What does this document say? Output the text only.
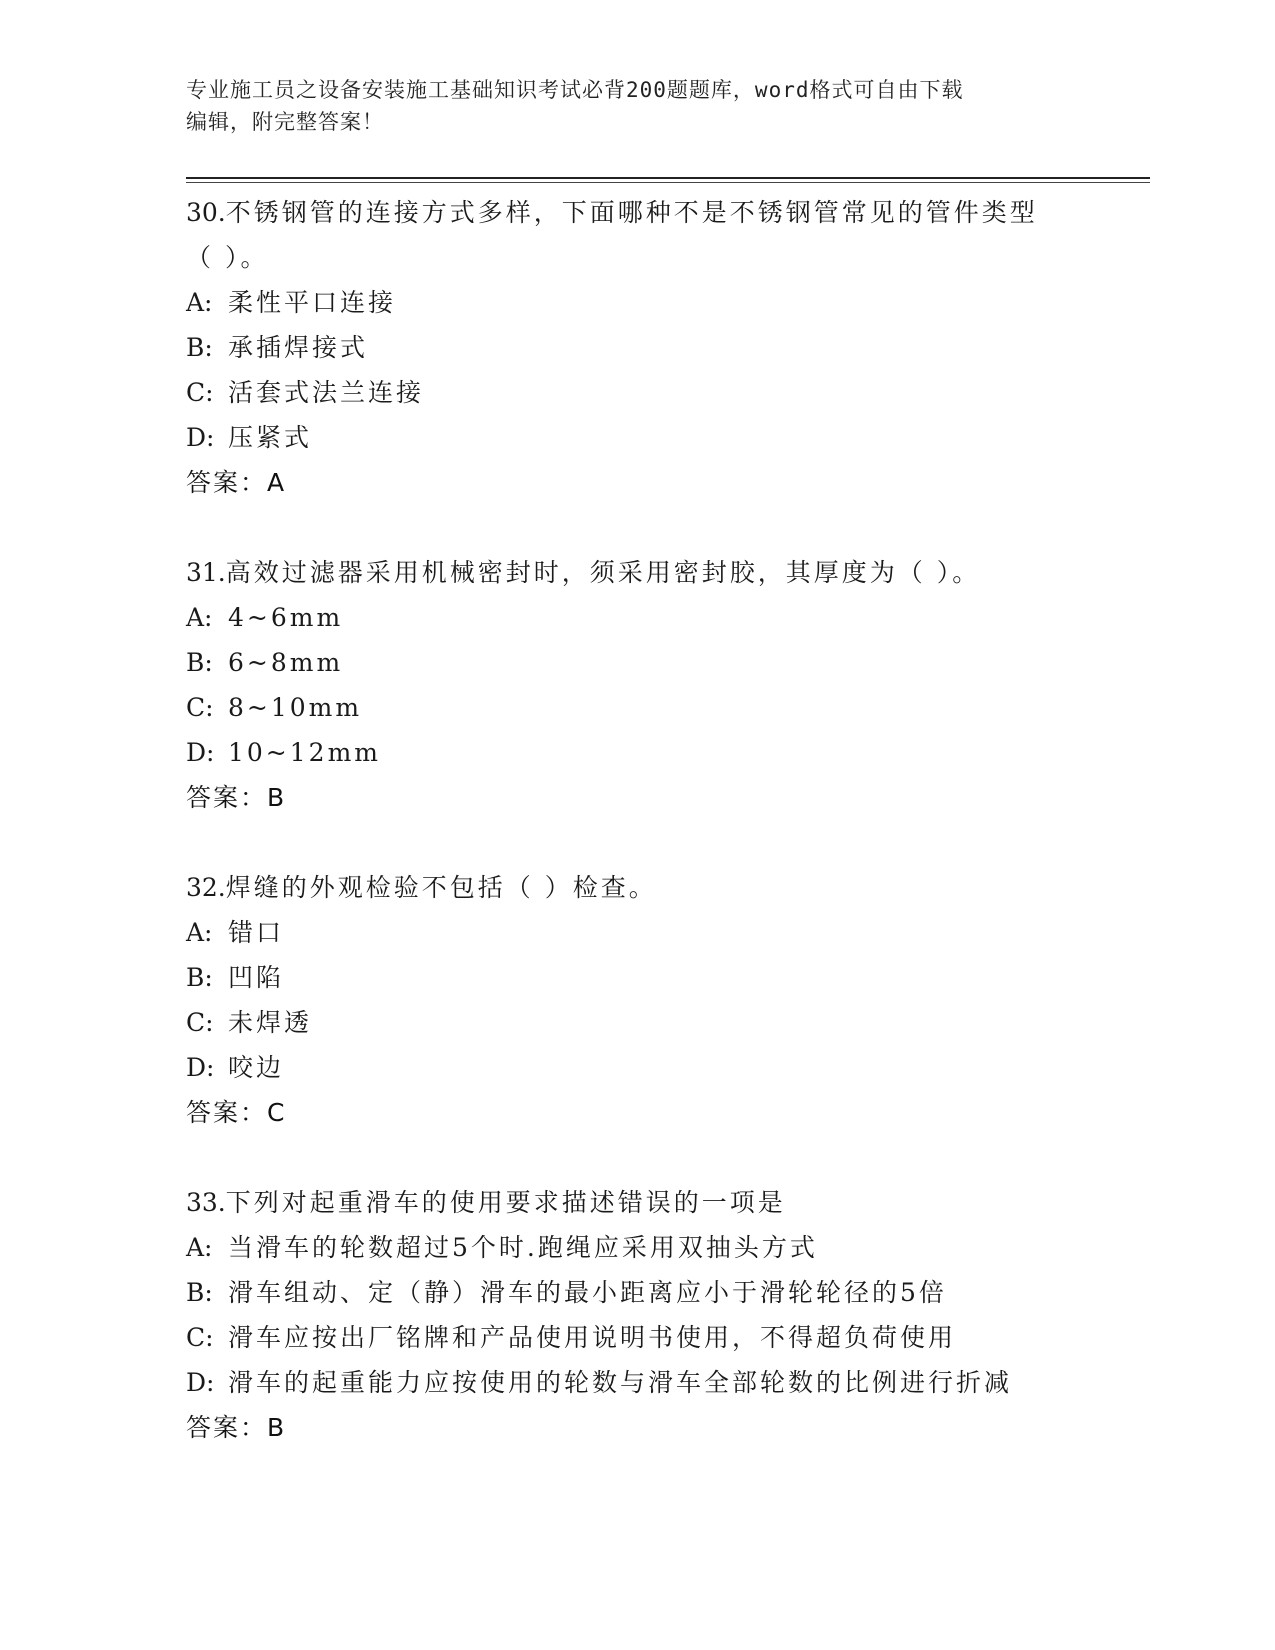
专业施工员之设备安装施工基础知识考试必背200题题库，word格式可自由下载
编辑，附完整答案！
30.不锈钢管的连接方式多样，下面哪种不是不锈钢管常见的管件类型
（ ）。
A: 柔性平口连接
B: 承插焊接式
C: 活套式法兰连接
D: 压紧式
答案：A
31.高效过滤器采用机械密封时，须采用密封胶，其厚度为（ ）。
A: 4~6mm
B: 6~8mm
C: 8~10mm
D: 10~12mm
答案：B
32.焊缝的外观检验不包括（ ）检查。
A: 错口
B: 凹陷
C: 未焊透
D: 咬边
答案：C
33.下列对起重滑车的使用要求描述错误的一项是
A: 当滑车的轮数超过5个时.跑绳应采用双抽头方式
B: 滑车组动、定（静）滑车的最小距离应小于滑轮轮径的5倍
C: 滑车应按出厂铭牌和产品使用说明书使用，不得超负荷使用
D: 滑车的起重能力应按使用的轮数与滑车全部轮数的比例进行折减
答案：B
